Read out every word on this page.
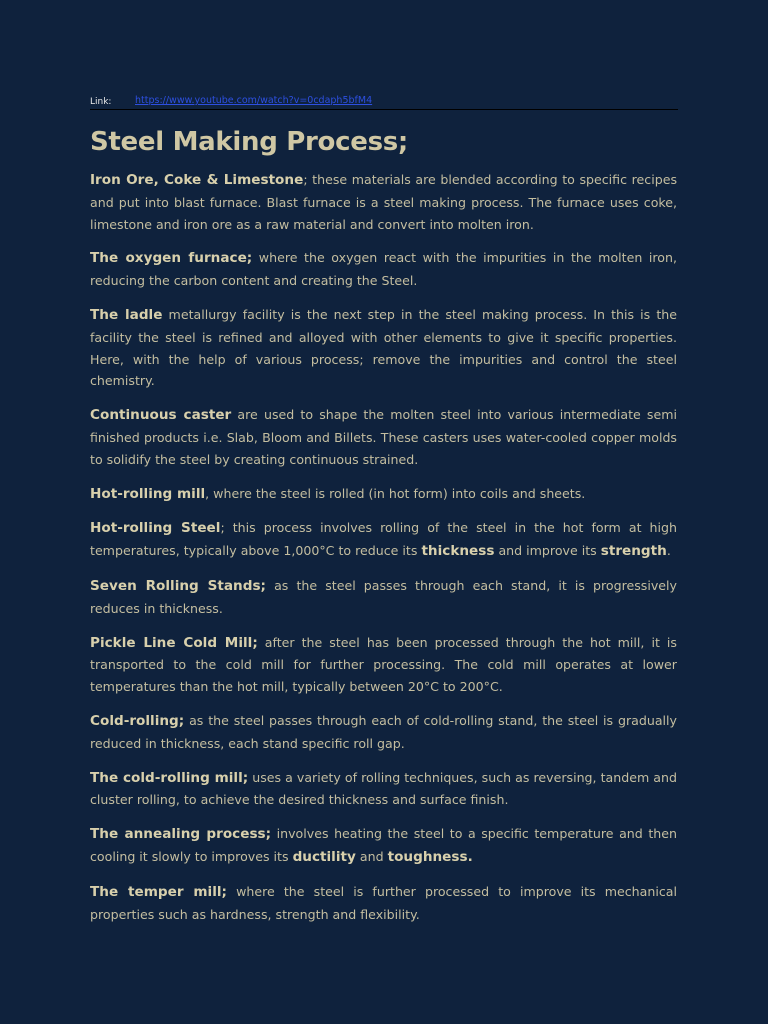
Link: https://www.youtube.com/watch?v=0cdaph5bfM4
Steel Making Process;

Iron Ore, Coke & Limestone; these materials are blended according to specific recipes and put into blast furnace. Blast furnace is a steel making process. The furnace uses coke, limestone and iron ore as a raw material and convert into molten iron.

The oxygen furnace; where the oxygen react with the impurities in the molten iron, reducing the carbon content and creating the Steel.

The ladle metallurgy facility is the next step in the steel making process. In this is the facility the steel is refined and alloyed with other elements to give it specific properties. Here, with the help of various process; remove the impurities and control the steel chemistry.

Continuous caster are used to shape the molten steel into various intermediate semi finished products i.e. Slab, Bloom and Billets. These casters uses water-cooled copper molds to solidify the steel by creating continuous strained.

Hot-rolling mill, where the steel is rolled (in hot form) into coils and sheets.

Hot-rolling Steel; this process involves rolling of the steel in the hot form at high temperatures, typically above 1,000°C to reduce its thickness and improve its strength.

Seven Rolling Stands; as the steel passes through each stand, it is progressively reduces in thickness.

Pickle Line Cold Mill; after the steel has been processed through the hot mill, it is transported to the cold mill for further processing. The cold mill operates at lower temperatures than the hot mill, typically between 20°C to 200°C.

Cold-rolling; as the steel passes through each of cold-rolling stand, the steel is gradually reduced in thickness, each stand specific roll gap.

The cold-rolling mill; uses a variety of rolling techniques, such as reversing, tandem and cluster rolling, to achieve the desired thickness and surface finish.

The annealing process; involves heating the steel to a specific temperature and then cooling it slowly to improves its ductility and toughness.

The temper mill; where the steel is further processed to improve its mechanical properties such as hardness, strength and flexibility.
